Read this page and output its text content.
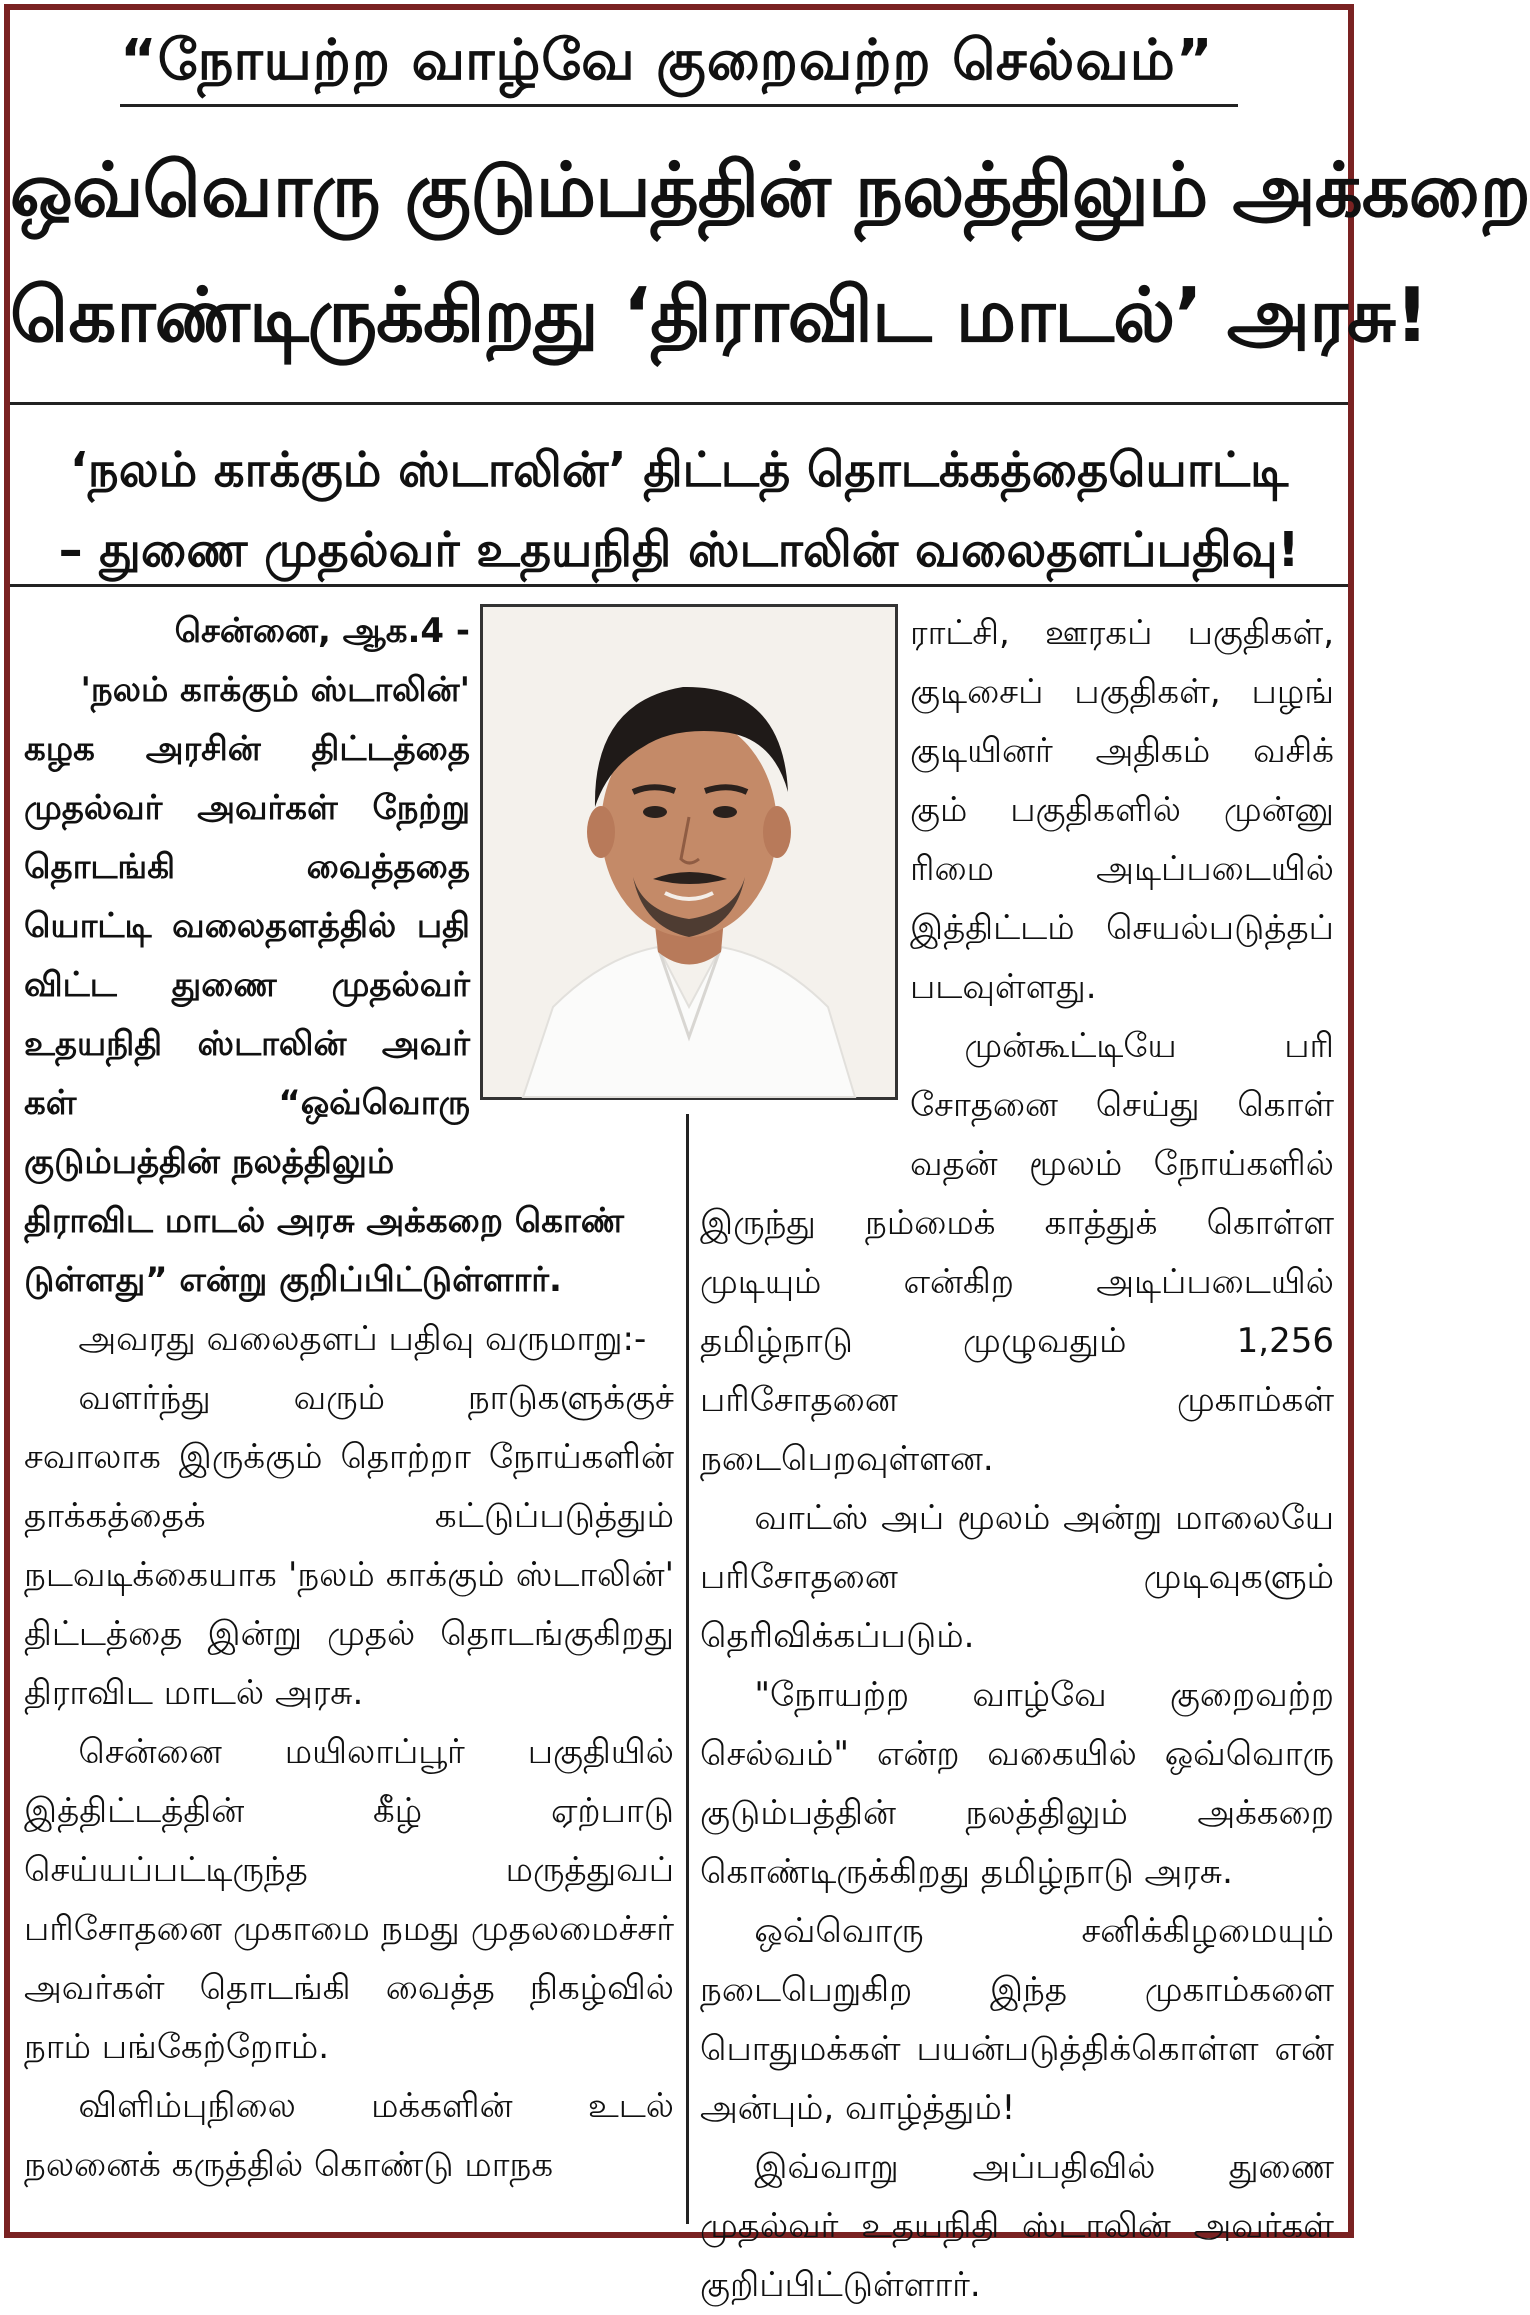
“நோயற்ற வாழ்வே குறைவற்ற செல்வம்”
ஒவ்வொரு குடும்பத்தின் நலத்திலும் அக்கறை
கொண்டிருக்கிறது ‘திராவிட மாடல்’ அரசு!
‘நலம் காக்கும் ஸ்டாலின்’ திட்டத் தொடக்கத்தையொட்டி
– துணை முதல்வர் உதயநிதி ஸ்டாலின் வலைதளப்பதிவு!
சென்னை, ஆக.4 -
'நலம் காக்கும் ஸ்டாலின்'
கழக அரசின் திட்டத்தை
முதல்வர் அவர்கள் நேற்று
தொடங்கி வைத்ததை
யொட்டி வலைதளத்தில் பதி
விட்ட துணை முதல்வர்
உதயநிதி ஸ்டாலின் அவர்
கள் “ஒவ்வொரு
குடும்பத்தின் நலத்திலும்
திராவிட மாடல் அரசு அக்கறை கொண்
டுள்ளது” என்று குறிப்பிட்டுள்ளார்.

அவரது வலைதளப் பதிவு வருமாறு:-

வளர்ந்து வரும் நாடுகளுக்குச் சவாலாக இருக்கும் தொற்றா நோய்களின் தாக்கத்தைக் கட்டுப்படுத்தும் நடவடிக்கையாக 'நலம் காக்கும் ஸ்டாலின்' திட்டத்தை இன்று முதல் தொடங்குகிறது திராவிட மாடல் அரசு.

சென்னை மயிலாப்பூர் பகுதியில் இத்திட்டத்தின் கீழ் ஏற்பாடு செய்யப்பட்டிருந்த மருத்துவப் பரிசோதனை முகாமை நமது முதலமைச்சர் அவர்கள் தொடங்கி வைத்த நிகழ்வில் நாம் பங்கேற்றோம்.

விளிம்புநிலை மக்களின் உடல் நலனைக் கருத்தில் கொண்டு மாநக

ராட்சி, ஊரகப் பகுதிகள்,
குடிசைப் பகுதிகள், பழங்
குடியினர் அதிகம் வசிக்
கும் பகுதிகளில் முன்னு
ரிமை அடிப்படையில்
இத்திட்டம் செயல்படுத்தப்
படவுள்ளது.
முன்கூட்டியே பரி
சோதனை செய்து கொள்
வதன் மூலம் நோய்களில்

இருந்து நம்மைக் காத்துக் கொள்ள முடியும் என்கிற அடிப்படையில் தமிழ்நாடு முழுவதும் 1,256 பரிசோதனை முகாம்கள் நடைபெறவுள்ளன.

வாட்ஸ் அப் மூலம் அன்று மாலையே பரிசோதனை முடிவுகளும் தெரிவிக்கப்படும்.

"நோயற்ற வாழ்வே குறைவற்ற செல்வம்" என்ற வகையில் ஒவ்வொரு குடும்பத்தின் நலத்திலும் அக்கறை கொண்டிருக்கிறது தமிழ்நாடு அரசு.

ஒவ்வொரு சனிக்கிழமையும் நடைபெறுகிற இந்த முகாம்களை பொதுமக்கள் பயன்படுத்திக்கொள்ள என் அன்பும், வாழ்த்தும்!

இவ்வாறு அப்பதிவில் துணை முதல்வர் உதயநிதி ஸ்டாலின் அவர்கள் குறிப்பிட்டுள்ளார்.
